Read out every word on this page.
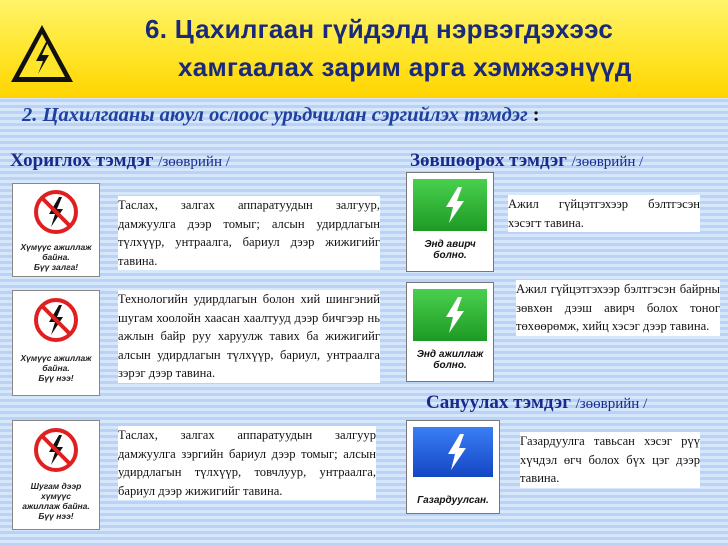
6. Цахилгаан гүйдэлд нэрвэгдэхээс
хамгаалах зарим арга хэмжээнүүд
2. Цахилгааны аюул ослоос урьдчилан сэргийлэх тэмдэг :
Хориглох тэмдэг /зөөврийн /
Хүмүүс ажиллаж
байна.
Бүү залга!
Таслах, залгах аппаратуудын залгуур, дамжуулга дээр томыг; алсын удирдлагын түлхүүр, унтраалга, бариул дээр жижигийг тавина.
Хүмүүс ажиллаж
байна.
Бүү нээ!
Технологийн удирдлагын болон хий шингэний шугам хоолойн хаасан хаалтууд дээр бичгээр нь ажлын байр руу харуулж тавих ба жижигийг алсын удирдлагын түлхүүр, бариул, унтраалга зэрэг дээр тавина.
Шугам дээр
хүмүүс
ажиллаж байна.
Бүү нээ!
Таслах, залгах аппаратуудын залгуур дамжуулга зэргийн бариул дээр томыг; алсын удирдлагын түлхүүр, товчлуур, унтраалга, бариул дээр жижигийг тавина.
Зөвшөөрөх тэмдэг /зөөврийн /
Энд авирч
болно.
Ажил гүйцэтгэхээр бэлтгэсэн хэсэгт тавина.
Энд ажиллаж
болно.
Ажил гүйцэтгэхээр бэлтгэсэн байрны зөвхөн дээш авирч болох тоног төхөөрөмж, хийц хэсэг дээр тавина.
Сануулах тэмдэг /зөөврийн /
Газардуулсан.
Газардуулга тавьсан хэсэг рүү хүчдэл өгч болох бүх цэг дээр тавина.
